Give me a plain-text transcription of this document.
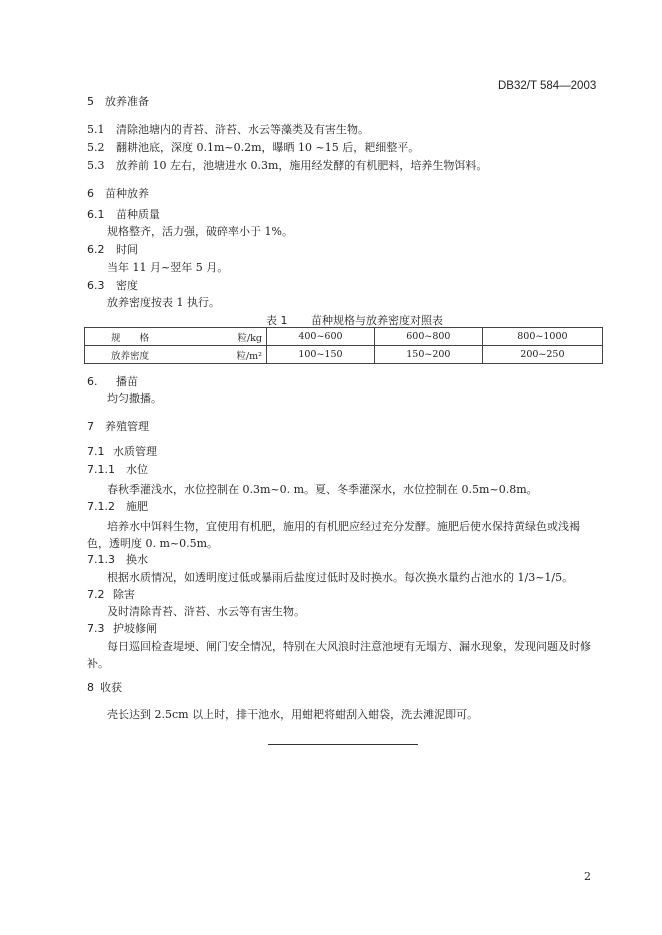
DB32/T 584—2003
5 放养准备
5.1 清除池塘内的青苔、浒苔、水云等藻类及有害生物。
5.2 翻耕池底，深度 0.1m~0.2m，曝晒 10 ~15 后，耙细整平。
5.3 放养前 10 左右，池塘进水 0.3m，施用经发酵的有机肥料，培养生物饵料。
6 苗种放养
6.1 苗种质量
规格整齐，活力强，破碎率小于 1%。
6.2 时间
当年 11 月~翌年 5 月。
6.3 密度
放养密度按表 1 执行。
表 1 苗种规格与放养密度对照表
规　　格	粒/kg	400~600	600~800	800~1000
放养密度	粒/m²	100~150	150~200	200~250
6. 播苗
均匀撒播。
7 养殖管理
7.1 水质管理
7.1.1 水位
春秋季灌浅水，水位控制在 0.3m~0. m。夏、冬季灌深水，水位控制在 0.5m~0.8m。
7.1.2 施肥
培养水中饵料生物，宜使用有机肥，施用的有机肥应经过充分发酵。施肥后使水保持黄绿色或浅褐色，透明度 0. m~0.5m。
7.1.3 换水
根据水质情况，如透明度过低或暴雨后盐度过低时及时换水。每次换水量约占池水的 1/3~1/5。
7.2 除害
及时清除青苔、浒苔、水云等有害生物。
7.3 护坡修闸
每日巡回检查堤埂、闸门安全情况，特别在大风浪时注意池埂有无塌方、漏水现象，发现问题及时修补。
8 收获
壳长达到 2.5cm 以上时，排干池水，用蚶耙将蚶刮入蚶袋，洗去滩泥即可。
2
